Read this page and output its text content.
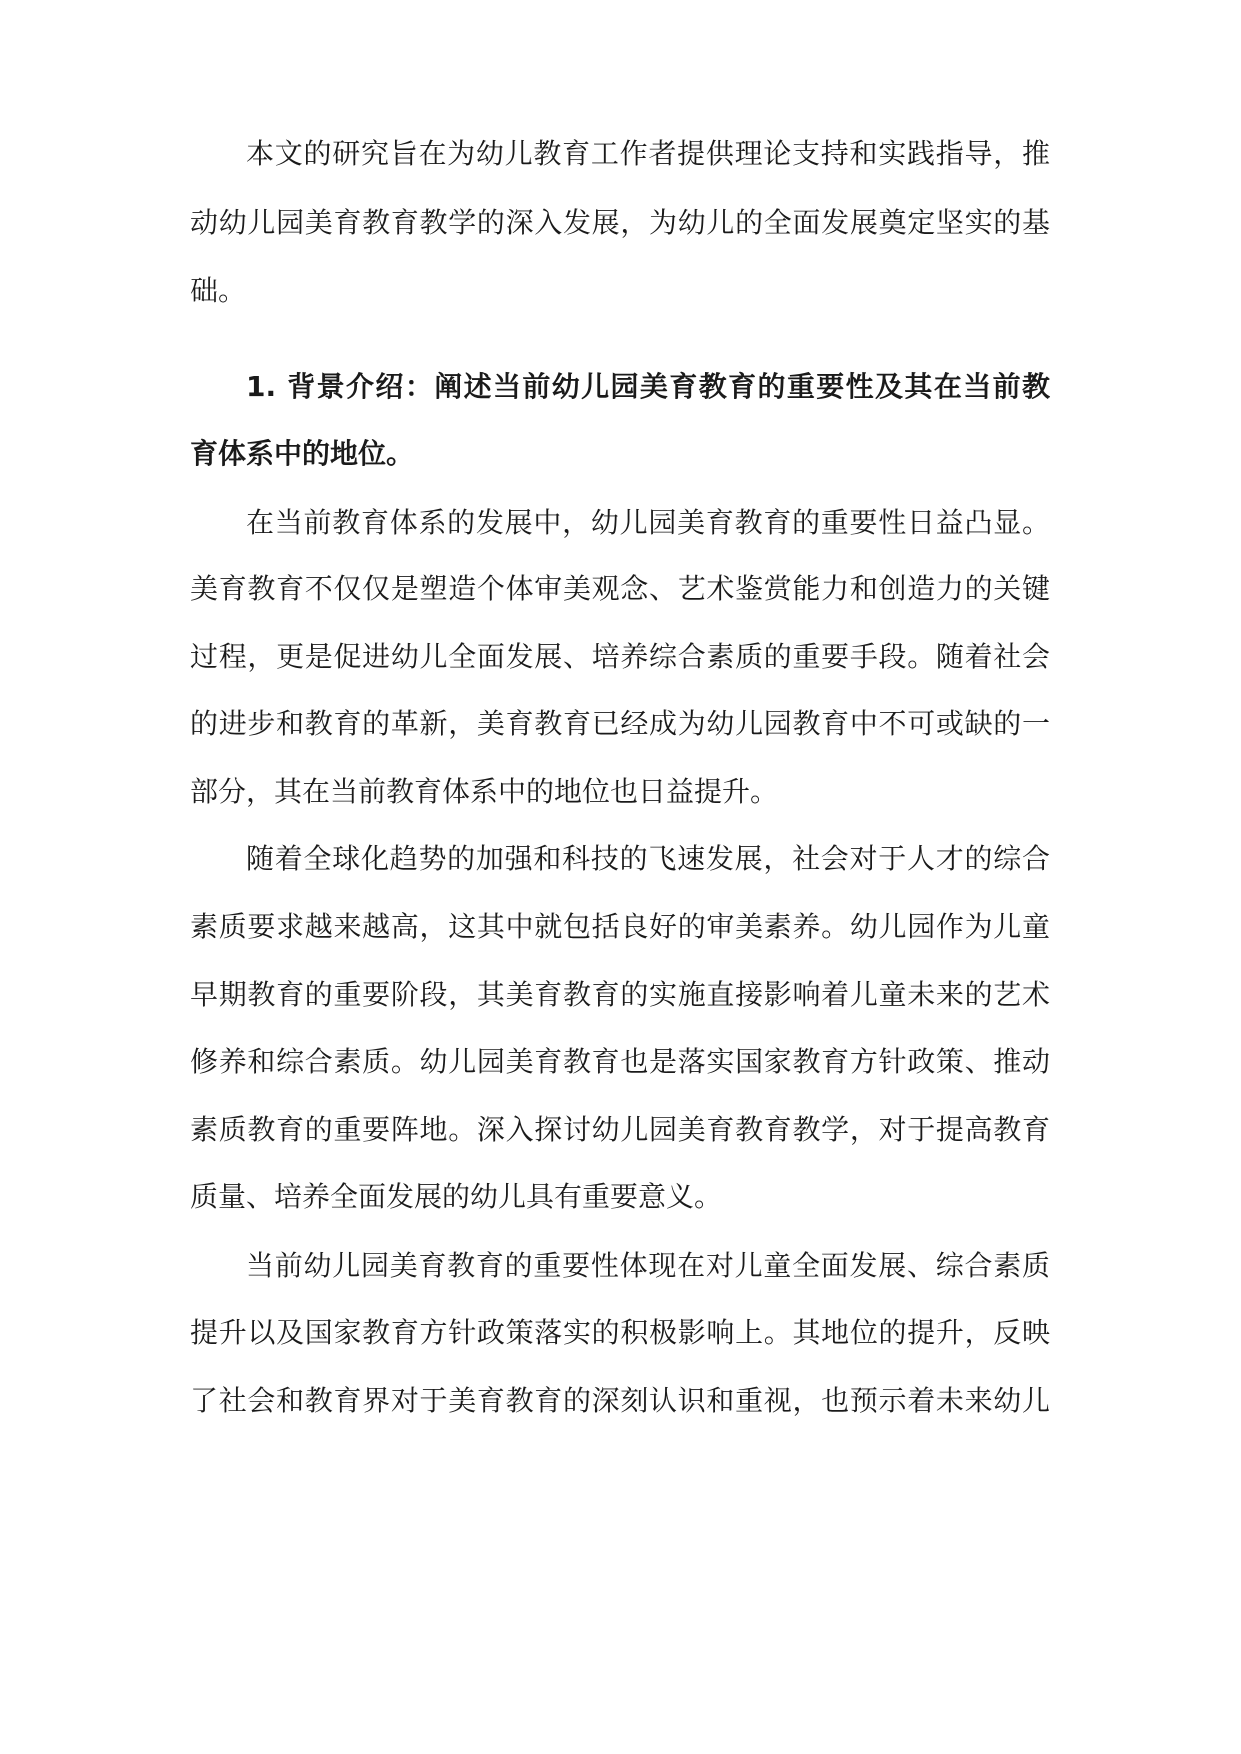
本文的研究旨在为幼儿教育工作者提供理论支持和实践指导，推
动幼儿园美育教育教学的深入发展，为幼儿的全面发展奠定坚实的基
础。
1. 背景介绍：阐述当前幼儿园美育教育的重要性及其在当前教
育体系中的地位。
在当前教育体系的发展中，幼儿园美育教育的重要性日益凸显。
美育教育不仅仅是塑造个体审美观念、艺术鉴赏能力和创造力的关键
过程，更是促进幼儿全面发展、培养综合素质的重要手段。随着社会
的进步和教育的革新，美育教育已经成为幼儿园教育中不可或缺的一
部分，其在当前教育体系中的地位也日益提升。
随着全球化趋势的加强和科技的飞速发展，社会对于人才的综合
素质要求越来越高，这其中就包括良好的审美素养。幼儿园作为儿童
早期教育的重要阶段，其美育教育的实施直接影响着儿童未来的艺术
修养和综合素质。幼儿园美育教育也是落实国家教育方针政策、推动
素质教育的重要阵地。深入探讨幼儿园美育教育教学，对于提高教育
质量、培养全面发展的幼儿具有重要意义。
当前幼儿园美育教育的重要性体现在对儿童全面发展、综合素质
提升以及国家教育方针政策落实的积极影响上。其地位的提升，反映
了社会和教育界对于美育教育的深刻认识和重视，也预示着未来幼儿
